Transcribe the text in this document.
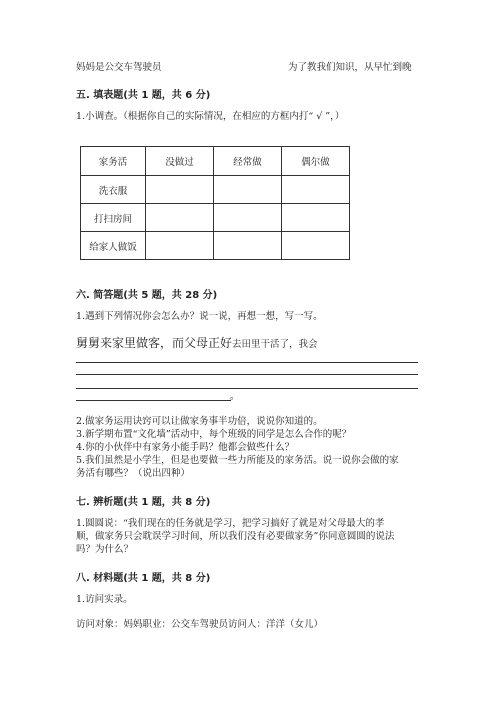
妈妈是公交车驾驶员	为了教我们知识，从早忙到晚
五. 填表题(共 1 题，共 6 分)
1.小调查。（根据你自己的实际情况，在相应的方框内打“ √ ”，）
家务活	没做过	经常做	偶尔做
洗衣服			
打扫房间			
给家人做饭			
六. 简答题(共 5 题，共 28 分)
1.遇到下列情况你会怎么办？说一说，再想一想，写一写。
舅舅来家里做客，而父母正好去田里干活了，我会
。
2.做家务运用诀窍可以让做家务事半功倍，说说你知道的。
3.新学期布置“文化墙”活动中，每个班级的同学是怎么合作的呢？
4.你的小伙伴中有家务小能手吗？他都会做些什么？
5.我们虽然是小学生，但是也要做一些力所能及的家务活。说一说你会做的家
务活有哪些？（说出四种）
七. 辨析题(共 1 题，共 8 分)
1.圆圆说：“我们现在的任务就是学习，把学习搞好了就是对父母最大的孝
顺，做家务只会耽误学习时间，所以我们没有必要做家务”你同意圆圆的说法
吗？为什么？
八. 材料题(共 1 题，共 8 分)
1.访问实录。
访问对象：妈妈职业：公交车驾驶员访问人：洋洋（女儿）
